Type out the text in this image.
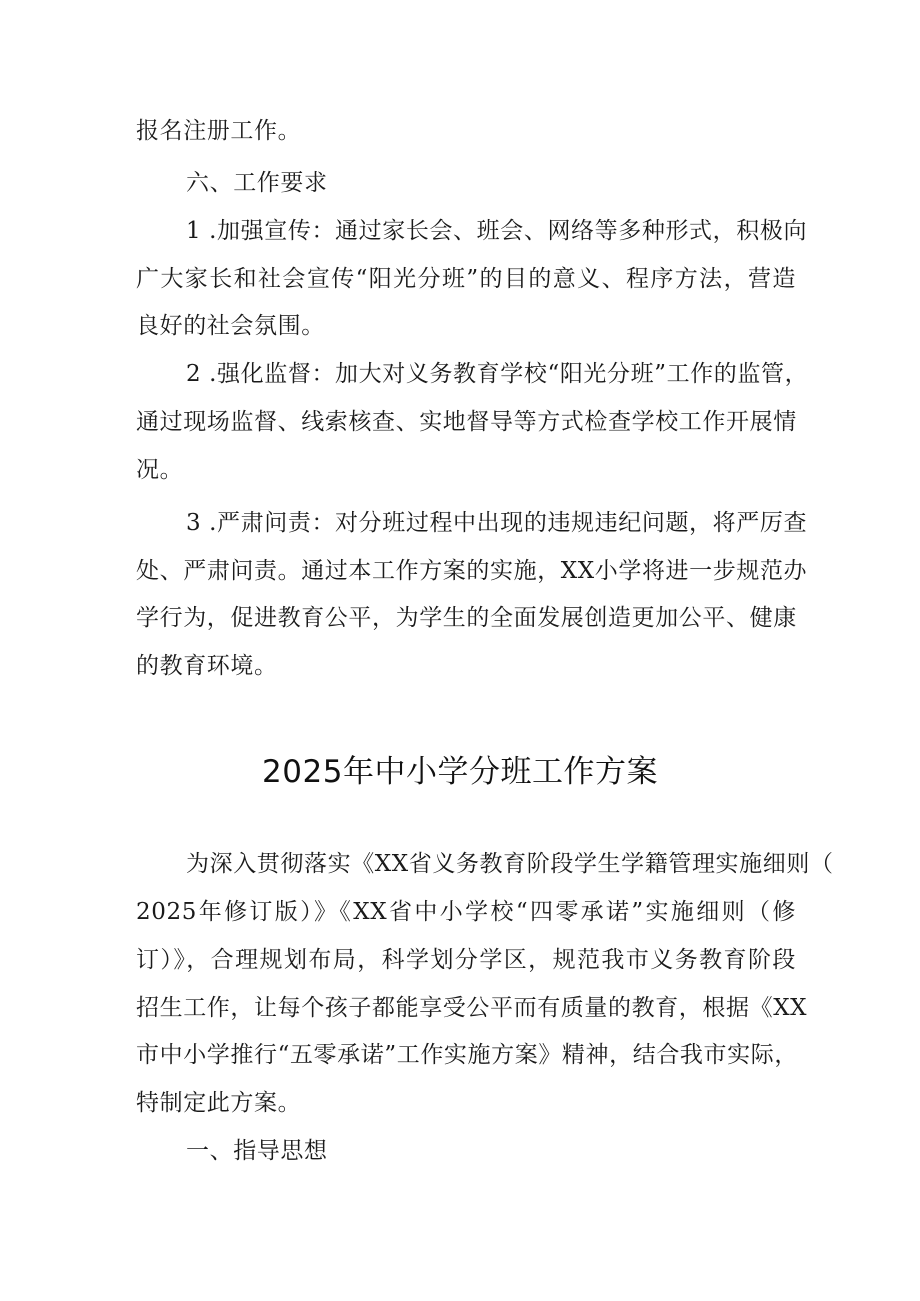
报名注册工作。
六、工作要求
1 .加强宣传：通过家长会、班会、网络等多种形式，积极向
广大家长和社会宣传“阳光分班”的目的意义、程序方法，营造
良好的社会氛围。
2 .强化监督：加大对义务教育学校“阳光分班”工作的监管，
通过现场监督、线索核查、实地督导等方式检查学校工作开展情
况。
3 .严肃问责：对分班过程中出现的违规违纪问题，将严厉查
处、严肃问责。通过本工作方案的实施，XX小学将进一步规范办
学行为，促进教育公平，为学生的全面发展创造更加公平、健康
的教育环境。
2025年中小学分班工作方案
为深入贯彻落实《XX省义务教育阶段学生学籍管理实施细则（
2025年修订版）》《XX省中小学校“四零承诺”实施细则（修
订）》，合理规划布局，科学划分学区，规范我市义务教育阶段
招生工作，让每个孩子都能享受公平而有质量的教育，根据《XX
市中小学推行“五零承诺”工作实施方案》精神，结合我市实际，
特制定此方案。
一、指导思想
